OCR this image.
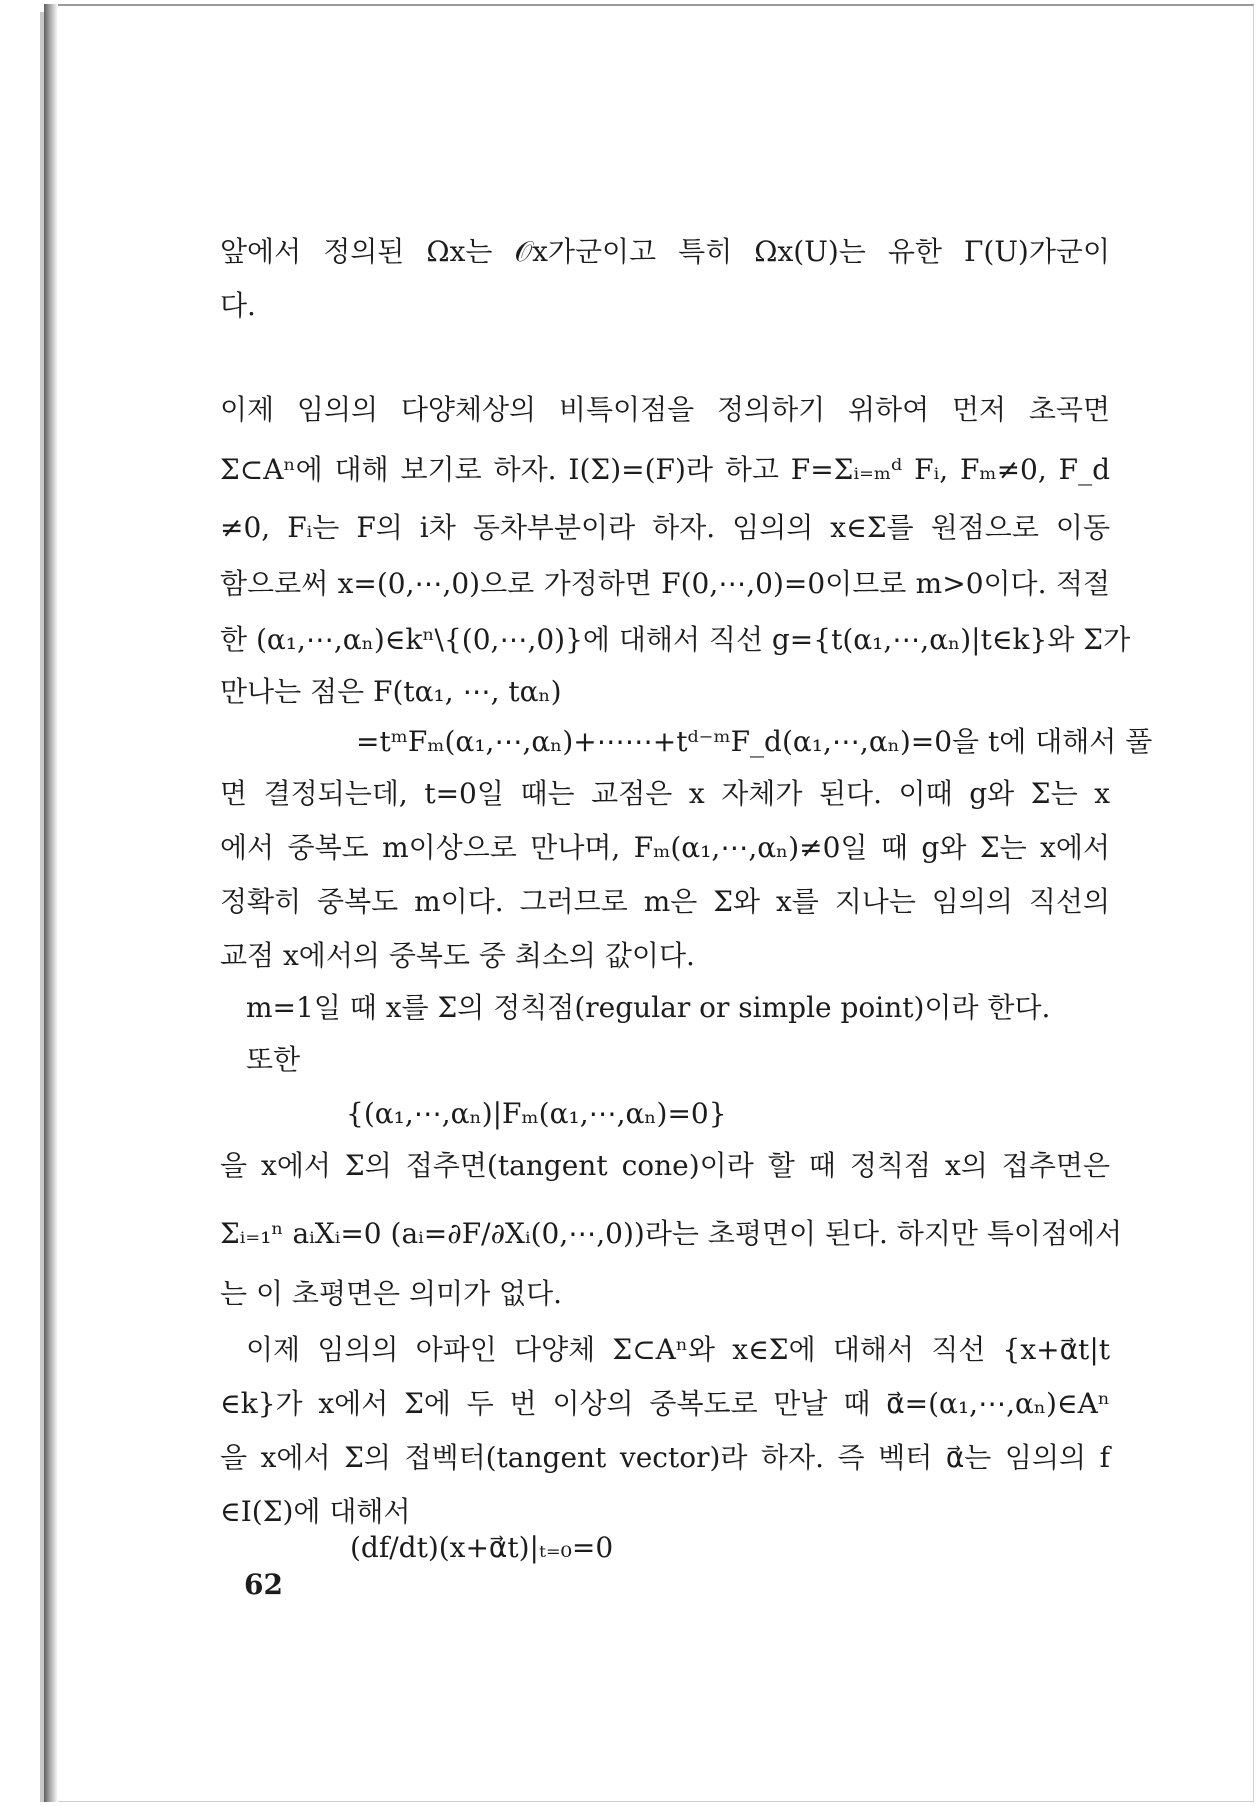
앞에서 정의된 Ωx는 𝒪x가군이고 특히 Ωx(U)는 유한 Γ(U)가군이
다.
이제 임의의 다양체상의 비특이점을 정의하기 위하여 먼저 초곡면
Σ⊂Aⁿ에 대해 보기로 하자. I(Σ)=(F)라 하고 F=Σᵢ₌ₘᵈ Fᵢ, Fₘ≠0, F_d
≠0, Fᵢ는 F의 i차 동차부분이라 하자. 임의의 x∈Σ를 원점으로 이동
함으로써 x=(0,⋯,0)으로 가정하면 F(0,⋯,0)=0이므로 m>0이다. 적절
한 (α₁,⋯,αₙ)∈kⁿ\{(0,⋯,0)}에 대해서 직선 g={t(α₁,⋯,αₙ)|t∈k}와 Σ가
만나는 점은 F(tα₁, ⋯, tαₙ)
=tᵐFₘ(α₁,⋯,αₙ)+⋯⋯+tᵈ⁻ᵐF_d(α₁,⋯,αₙ)=0을 t에 대해서 풀
면 결정되는데, t=0일 때는 교점은 x 자체가 된다. 이때 g와 Σ는 x
에서 중복도 m이상으로 만나며, Fₘ(α₁,⋯,αₙ)≠0일 때 g와 Σ는 x에서
정확히 중복도 m이다. 그러므로 m은 Σ와 x를 지나는 임의의 직선의
교점 x에서의 중복도 중 최소의 값이다.
m=1일 때 x를 Σ의 정칙점(regular or simple point)이라 한다.
또한
{(α₁,⋯,αₙ)|Fₘ(α₁,⋯,αₙ)=0}
을 x에서 Σ의 접추면(tangent cone)이라 할 때 정칙점 x의 접추면은
Σᵢ₌₁ⁿ aᵢXᵢ=0 (aᵢ=∂F/∂Xᵢ(0,⋯,0))라는 초평면이 된다. 하지만 특이점에서
는 이 초평면은 의미가 없다.
이제 임의의 아파인 다양체 Σ⊂Aⁿ와 x∈Σ에 대해서 직선 {x+α⃗t|t
∈k}가 x에서 Σ에 두 번 이상의 중복도로 만날 때 α⃗=(α₁,⋯,αₙ)∈Aⁿ
을 x에서 Σ의 접벡터(tangent vector)라 하자. 즉 벡터 α⃗는 임의의 f
∈I(Σ)에 대해서
(df/dt)(x+α⃗t)|ₜ₌₀=0
62
